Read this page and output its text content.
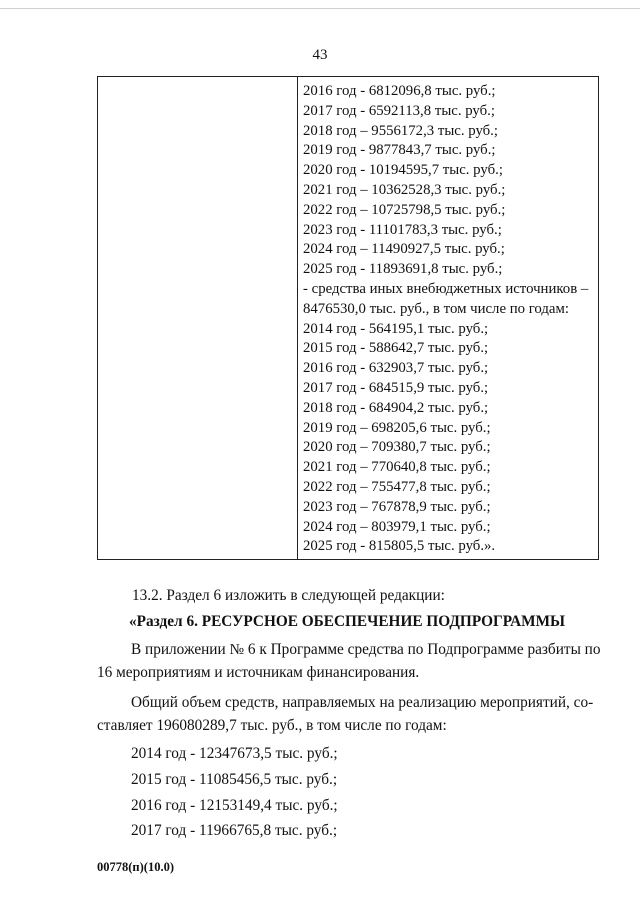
43
2016 год - 6812096,8 тыс. руб.;
2017 год - 6592113,8 тыс. руб.;
2018 год – 9556172,3 тыс. руб.;
2019 год - 9877843,7 тыс. руб.;
2020 год - 10194595,7 тыс. руб.;
2021 год – 10362528,3 тыс. руб.;
2022 год – 10725798,5 тыс. руб.;
2023 год - 11101783,3 тыс. руб.;
2024 год – 11490927,5 тыс. руб.;
2025 год - 11893691,8 тыс. руб.;
- средства иных внебюджетных источников –
8476530,0 тыс. руб., в том числе по годам:
2014 год - 564195,1 тыс. руб.;
2015 год - 588642,7 тыс. руб.;
2016 год - 632903,7 тыс. руб.;
2017 год - 684515,9 тыс. руб.;
2018 год - 684904,2 тыс. руб.;
2019 год – 698205,6 тыс. руб.;
2020 год – 709380,7 тыс. руб.;
2021 год – 770640,8 тыс. руб.;
2022 год – 755477,8 тыс. руб.;
2023 год – 767878,9 тыс. руб.;
2024 год – 803979,1 тыс. руб.;
2025 год - 815805,5 тыс. руб.».
13.2. Раздел 6 изложить в следующей редакции:
«Раздел 6. РЕСУРСНОЕ ОБЕСПЕЧЕНИЕ ПОДПРОГРАММЫ
В приложении № 6 к Программе средства по Подпрограмме разбиты по
16 мероприятиям и источникам финансирования.
Общий объем средств, направляемых на реализацию мероприятий, со-
ставляет 196080289,7 тыс. руб., в том числе по годам:
2014 год - 12347673,5 тыс. руб.;
2015 год - 11085456,5 тыс. руб.;
2016 год - 12153149,4 тыс. руб.;
2017 год - 11966765,8 тыс. руб.;
00778(п)(10.0)
